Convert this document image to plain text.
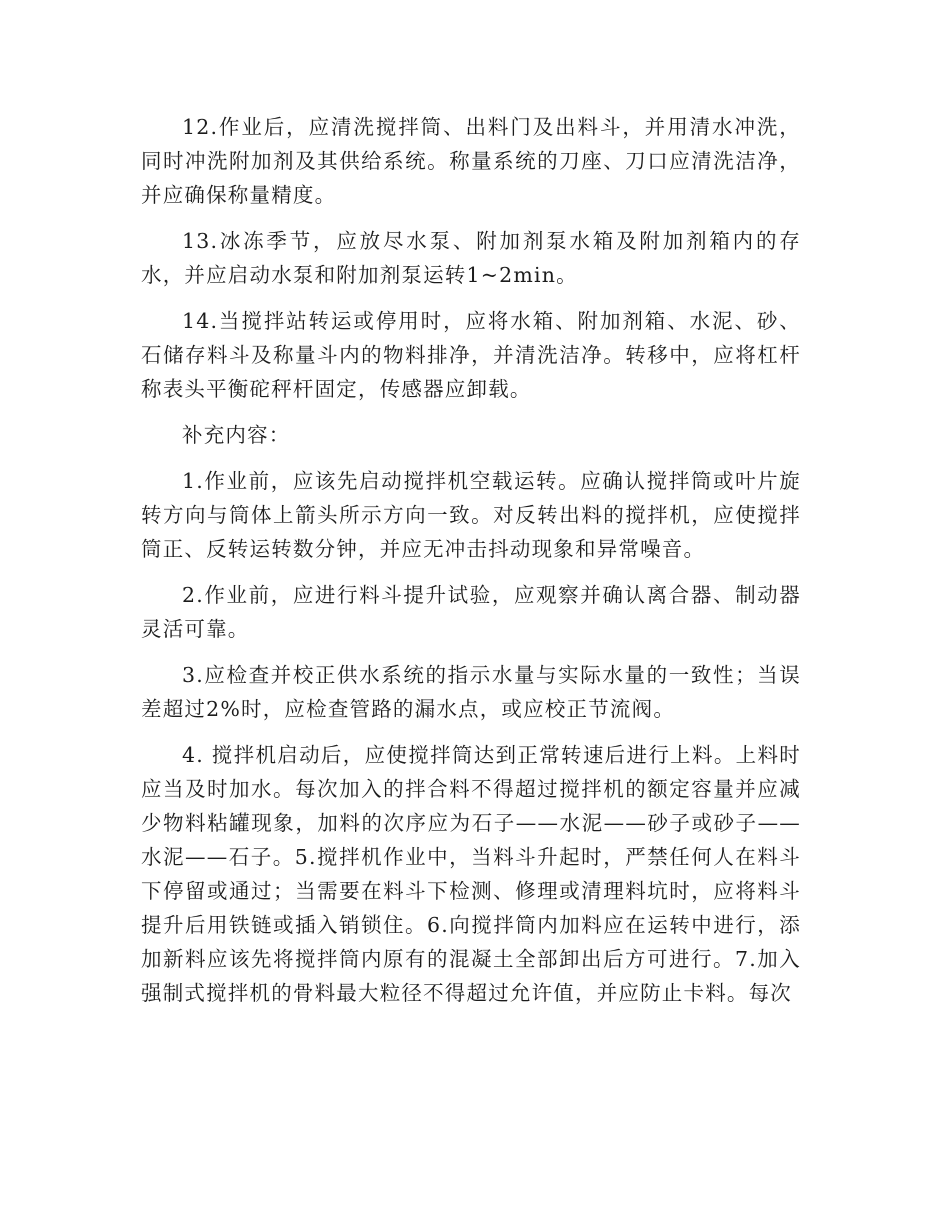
12.作业后，应清洗搅拌筒、出料门及出料斗，并用清水冲洗，同时冲洗附加剂及其供给系统。称量系统的刀座、刀口应清洗洁净，并应确保称量精度。

13.冰冻季节，应放尽水泵、附加剂泵水箱及附加剂箱内的存水，并应启动水泵和附加剂泵运转1~2min。

14.当搅拌站转运或停用时，应将水箱、附加剂箱、水泥、砂、石储存料斗及称量斗内的物料排净，并清洗洁净。转移中，应将杠杆称表头平衡砣秤杆固定，传感器应卸载。

补充内容：

1.作业前，应该先启动搅拌机空载运转。应确认搅拌筒或叶片旋转方向与筒体上箭头所示方向一致。对反转出料的搅拌机，应使搅拌筒正、反转运转数分钟，并应无冲击抖动现象和异常噪音。

2.作业前，应进行料斗提升试验，应观察并确认离合器、制动器灵活可靠。

3.应检查并校正供水系统的指示水量与实际水量的一致性；当误差超过2%时，应检查管路的漏水点，或应校正节流阀。

4. 搅拌机启动后，应使搅拌筒达到正常转速后进行上料。上料时应当及时加水。每次加入的拌合料不得超过搅拌机的额定容量并应减少物料粘罐现象，加料的次序应为石子——水泥——砂子或砂子——水泥——石子。5.搅拌机作业中，当料斗升起时，严禁任何人在料斗下停留或通过；当需要在料斗下检测、修理或清理料坑时，应将料斗提升后用铁链或插入销锁住。6.向搅拌筒内加料应在运转中进行，添加新料应该先将搅拌筒内原有的混凝土全部卸出后方可进行。7.加入强制式搅拌机的骨料最大粒径不得超过允许值，并应防止卡料。每次
